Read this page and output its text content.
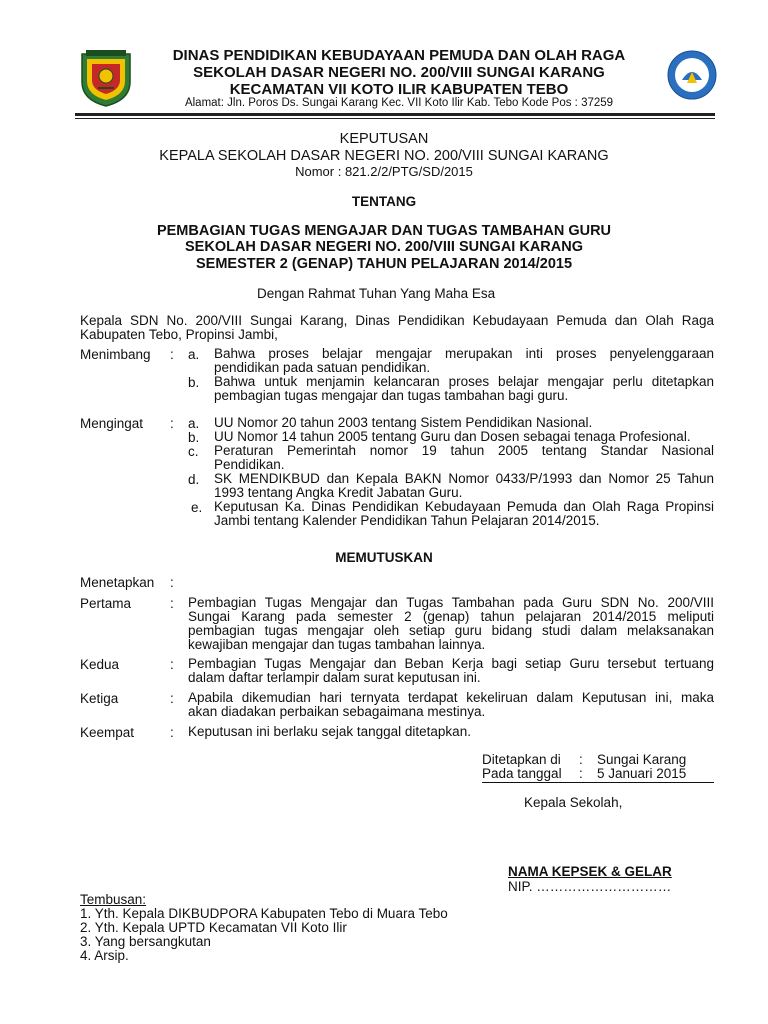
DINAS PENDIDIKAN KEBUDAYAAN PEMUDA DAN OLAH RAGA
SEKOLAH DASAR NEGERI NO. 200/VIII SUNGAI KARANG
KECAMATAN VII KOTO ILIR KABUPATEN TEBO
Alamat: Jln. Poros Ds. Sungai Karang Kec. VII Koto Ilir Kab. Tebo Kode Pos : 37259
KEPUTUSAN
KEPALA SEKOLAH DASAR NEGERI NO. 200/VIII SUNGAI KARANG
Nomor : 821.2/2/PTG/SD/2015
TENTANG
PEMBAGIAN TUGAS MENGAJAR DAN TUGAS TAMBAHAN GURU
SEKOLAH DASAR NEGERI NO. 200/VIII SUNGAI KARANG
SEMESTER 2 (GENAP) TAHUN PELAJARAN 2014/2015
Dengan Rahmat Tuhan Yang Maha Esa
Kepala SDN No. 200/VIII Sungai Karang, Dinas Pendidikan Kebudayaan Pemuda dan Olah Raga
Kabupaten Tebo, Propinsi Jambi,
Menimbang : a. Bahwa proses belajar mengajar merupakan inti proses penyelenggaraan
pendidikan pada satuan pendidikan.
b. Bahwa untuk menjamin kelancaran proses belajar mengajar perlu ditetapkan
pembagian tugas mengajar dan tugas tambahan bagi guru.
Mengingat : a. UU Nomor 20 tahun 2003 tentang Sistem Pendidikan Nasional.
b. UU Nomor 14 tahun 2005 tentang Guru dan Dosen sebagai tenaga Profesional.
c. Peraturan Pemerintah nomor 19 tahun 2005 tentang Standar Nasional
Pendidikan.
d. SK MENDIKBUD dan Kepala BAKN Nomor 0433/P/1993 dan Nomor 25 Tahun
1993 tentang Angka Kredit Jabatan Guru.
e. Keputusan Ka. Dinas Pendidikan Kebudayaan Pemuda dan Olah Raga Propinsi
Jambi tentang Kalender Pendidikan Tahun Pelajaran 2014/2015.
MEMUTUSKAN
Menetapkan :
Pertama	: Pembagian Tugas Mengajar dan Tugas Tambahan pada Guru SDN No. 200/VIII
Sungai Karang pada semester 2 (genap) tahun pelajaran 2014/2015 meliputi
pembagian tugas mengajar oleh setiap guru bidang studi dalam melaksanakan
kewajiban mengajar dan tugas tambahan lainnya.
Kedua	: Pembagian Tugas Mengajar dan Beban Kerja bagi setiap Guru tersebut tertuang
dalam daftar terlampir dalam surat keputusan ini.
Ketiga	: Apabila dikemudian hari ternyata terdapat kekeliruan dalam Keputusan ini, maka
akan diadakan perbaikan sebagaimana mestinya.
Keempat	: Keputusan ini berlaku sejak tanggal ditetapkan.
Ditetapkan di : Sungai Karang
Pada tanggal : 5 Januari 2015
Kepala Sekolah,
NAMA KEPSEK & GELAR
NIP. …………………………
Tembusan:
1. Yth. Kepala DIKBUDPORA Kabupaten Tebo di Muara Tebo
2. Yth. Kepala UPTD Kecamatan VII Koto Ilir
3. Yang bersangkutan
4. Arsip.
